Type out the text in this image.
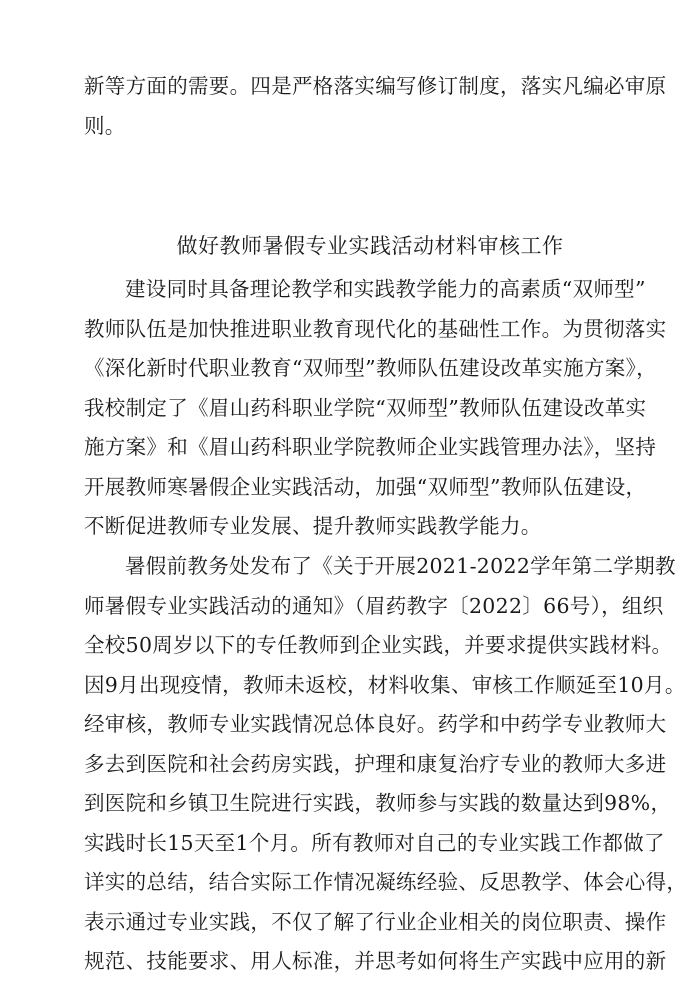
新等方面的需要。四是严格落实编写修订制度，落实凡编必审原
则。
做好教师暑假专业实践活动材料审核工作
建设同时具备理论教学和实践教学能力的高素质“双师型”
教师队伍是加快推进职业教育现代化的基础性工作。为贯彻落实
《深化新时代职业教育“双师型”教师队伍建设改革实施方案》，
我校制定了《眉山药科职业学院“双师型”教师队伍建设改革实
施方案》和《眉山药科职业学院教师企业实践管理办法》，坚持
开展教师寒暑假企业实践活动，加强“双师型”教师队伍建设，
不断促进教师专业发展、提升教师实践教学能力。
暑假前教务处发布了《关于开展2021-2022学年第二学期教
师暑假专业实践活动的通知》（眉药教字〔2022〕66号），组织
全校50周岁以下的专任教师到企业实践，并要求提供实践材料。
因9月出现疫情，教师未返校，材料收集、审核工作顺延至10月。
经审核，教师专业实践情况总体良好。药学和中药学专业教师大
多去到医院和社会药房实践，护理和康复治疗专业的教师大多进
到医院和乡镇卫生院进行实践，教师参与实践的数量达到98%，
实践时长15天至1个月。所有教师对自己的专业实践工作都做了
详实的总结，结合实际工作情况凝练经验、反思教学、体会心得，
表示通过专业实践，不仅了解了行业企业相关的岗位职责、操作
规范、技能要求、用人标准，并思考如何将生产实践中应用的新
